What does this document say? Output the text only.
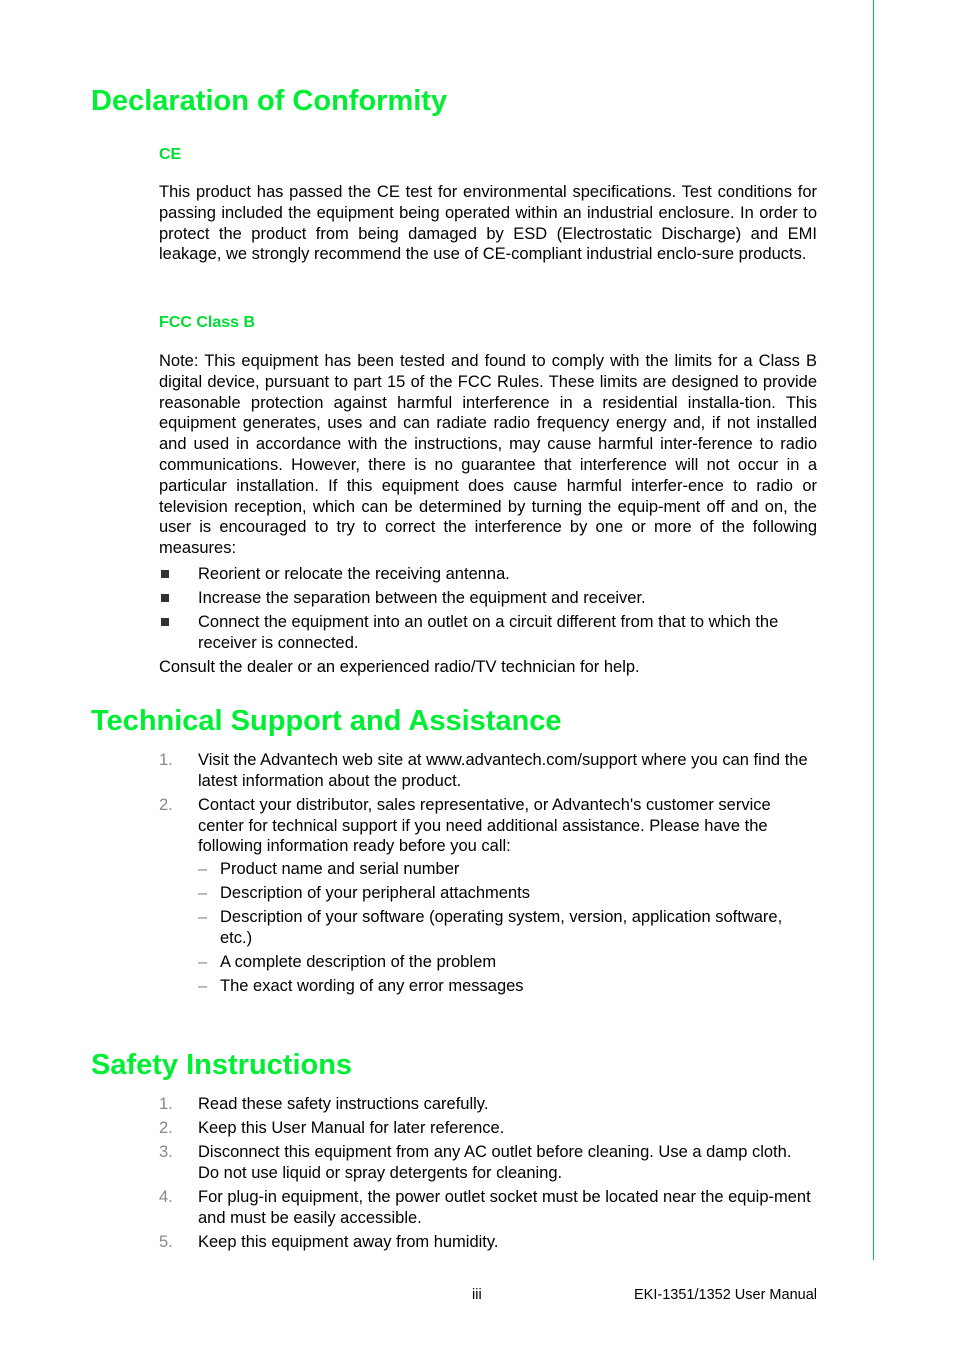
Declaration of Conformity
CE

This product has passed the CE test for environmental specifications. Test conditions for passing included the equipment being operated within an industrial enclosure. In order to protect the product from being damaged by ESD (Electrostatic Discharge) and EMI leakage, we strongly recommend the use of CE-compliant industrial enclo-sure products.

FCC Class B

Note: This equipment has been tested and found to comply with the limits for a Class B digital device, pursuant to part 15 of the FCC Rules. These limits are designed to provide reasonable protection against harmful interference in a residential installa-tion. This equipment generates, uses and can radiate radio frequency energy and, if not installed and used in accordance with the instructions, may cause harmful inter-ference to radio communications. However, there is no guarantee that interference will not occur in a particular installation. If this equipment does cause harmful interfer-ence to radio or television reception, which can be determined by turning the equip-ment off and on, the user is encouraged to try to correct the interference by one or more of the following measures:

Reorient or relocate the receiving antenna.
Increase the separation between the equipment and receiver.
Connect the equipment into an outlet on a circuit different from that to which the receiver is connected.

Consult the dealer or an experienced radio/TV technician for help.

Technical Support and Assistance
1. Visit the Advantech web site at www.advantech.com/support where you can find the latest information about the product.
2. Contact your distributor, sales representative, or Advantech's customer service center for technical support if you need additional assistance. Please have the following information ready before you call:
– Product name and serial number
– Description of your peripheral attachments
– Description of your software (operating system, version, application software, etc.)
– A complete description of the problem
– The exact wording of any error messages
Safety Instructions
1. Read these safety instructions carefully.
2. Keep this User Manual for later reference.
3. Disconnect this equipment from any AC outlet before cleaning. Use a damp cloth. Do not use liquid or spray detergents for cleaning.
4. For plug-in equipment, the power outlet socket must be located near the equip-ment and must be easily accessible.
5. Keep this equipment away from humidity.
iii	EKI-1351/1352 User Manual
